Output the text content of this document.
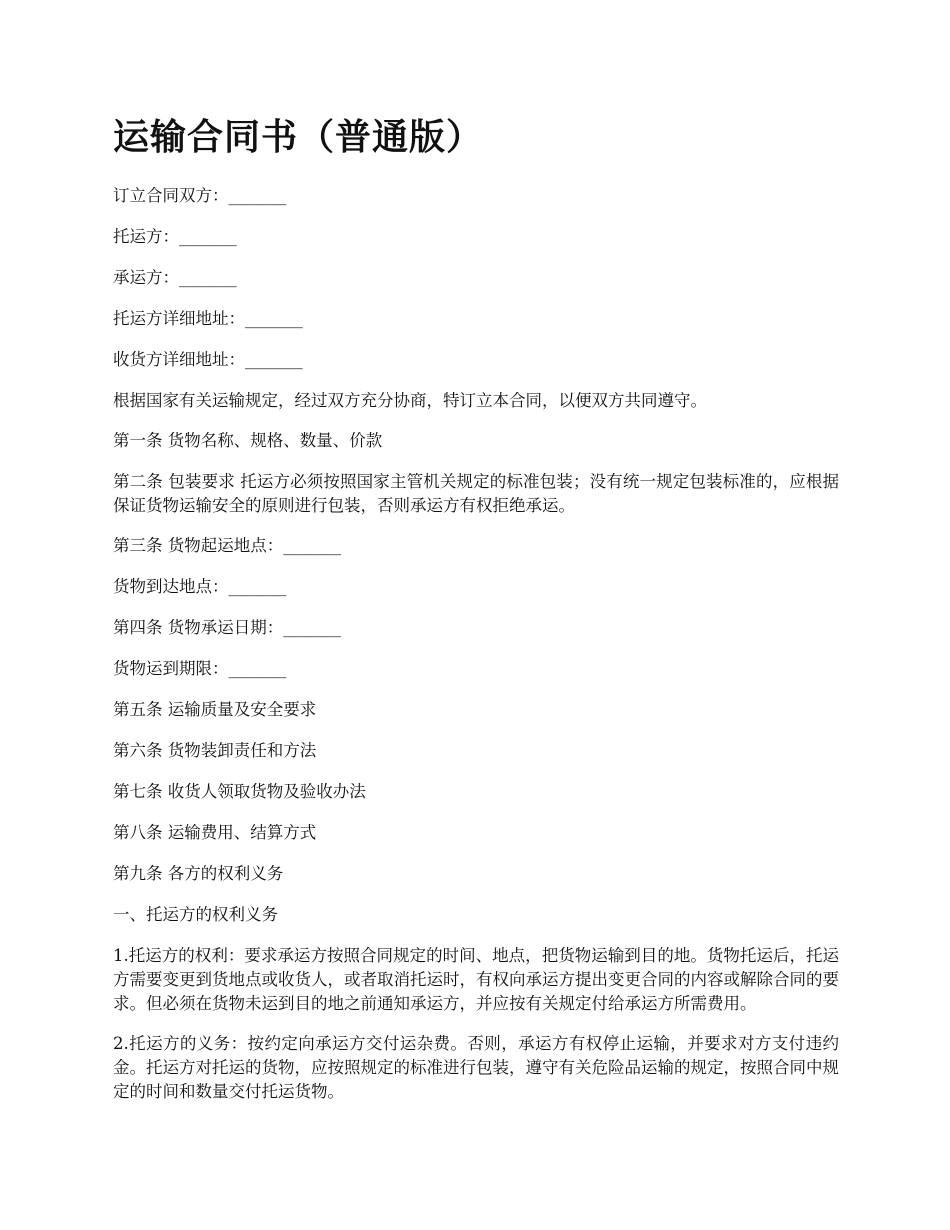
运输合同书（普通版）

订立合同双方：_______

托运方：_______

承运方：_______

托运方详细地址：_______

收货方详细地址：_______

根据国家有关运输规定，经过双方充分协商，特订立本合同，以便双方共同遵守。

第一条 货物名称、规格、数量、价款

第二条 包装要求 托运方必须按照国家主管机关规定的标准包装；没有统一规定包装标准的，应根据保证货物运输安全的原则进行包装，否则承运方有权拒绝承运。

第三条 货物起运地点：_______

货物到达地点：_______

第四条 货物承运日期：_______

货物运到期限：_______

第五条 运输质量及安全要求

第六条 货物装卸责任和方法

第七条 收货人领取货物及验收办法

第八条 运输费用、结算方式

第九条 各方的权利义务

一、托运方的权利义务

1.托运方的权利：要求承运方按照合同规定的时间、地点，把货物运输到目的地。货物托运后，托运方需要变更到货地点或收货人，或者取消托运时，有权向承运方提出变更合同的内容或解除合同的要求。但必须在货物未运到目的地之前通知承运方，并应按有关规定付给承运方所需费用。

2.托运方的义务：按约定向承运方交付运杂费。否则，承运方有权停止运输，并要求对方支付违约金。托运方对托运的货物，应按照规定的标准进行包装，遵守有关危险品运输的规定，按照合同中规定的时间和数量交付托运货物。
